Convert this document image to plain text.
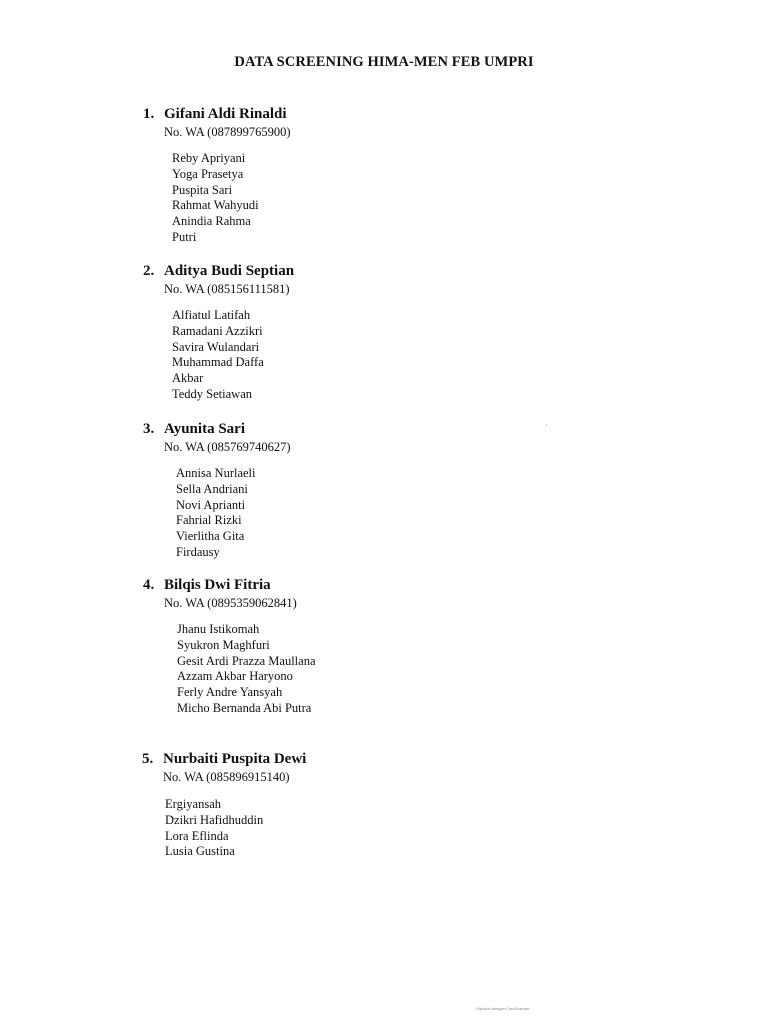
DATA SCREENING HIMA-MEN FEB UMPRI
1. Gifani Aldi Rinaldi
No. WA (087899765900)
Reby Apriyani
Yoga Prasetya
Puspita Sari
Rahmat Wahyudi
Anindia Rahma
Putri
2. Aditya Budi Septian
No. WA (085156111581)
Alfiatul Latifah
Ramadani Azzikri
Savira Wulandari
Muhammad Daffa
Akbar
Teddy Setiawan
3. Ayunita Sari
No. WA (085769740627)
Annisa Nurlaeli
Sella Andriani
Novi Aprianti
Fahrial Rizki
Vierlitha Gita
Firdausy
4. Bilqis Dwi Fitria
No. WA (0895359062841)
Jhanu Istikomah
Syukron Maghfuri
Gesit Ardi Prazza Maullana
Azzam Akbar Haryono
Ferly Andre Yansyah
Micho Bernanda Abi Putra
5. Nurbaiti Puspita Dewi
No. WA (085896915140)
Ergiyansah
Dzikri Hafidhuddin
Lora Eflinda
Lusia Gustina
Dipindai dengan CamScanner
